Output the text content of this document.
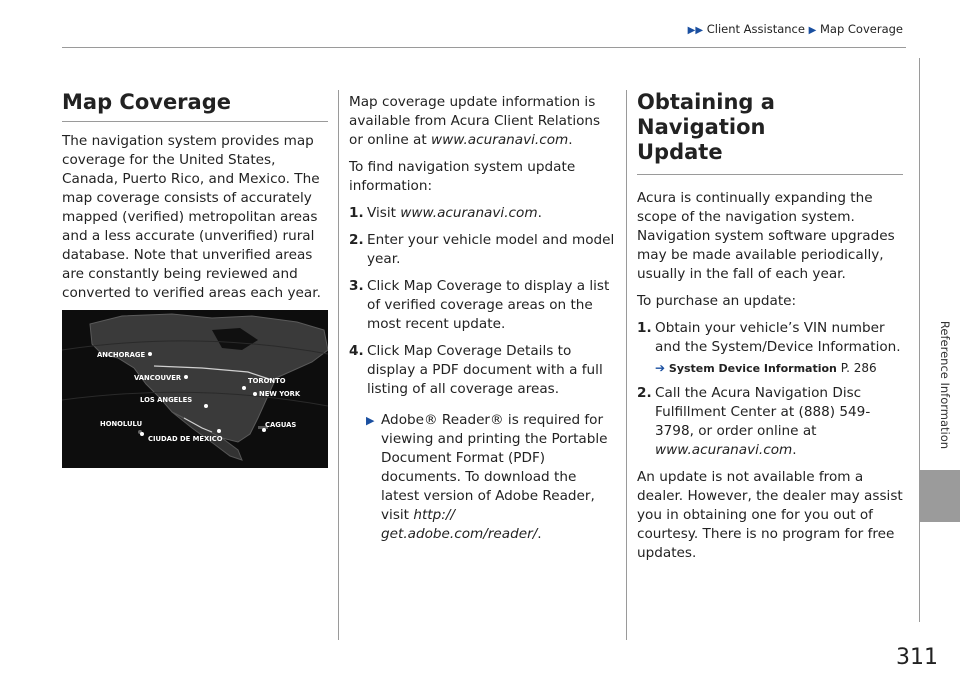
▶▶ Client Assistance ▶ Map Coverage
Reference Information
Map Coverage

The navigation system provides map coverage for the United States, Canada, Puerto Rico, and Mexico. The map coverage consists of accurately mapped (verified) metropolitan areas and a less accurate (unverified) rural database. Note that unverified areas are constantly being reviewed and converted to verified areas each year.

ANCHORAGE
VANCOUVER	TORONTO
NEW YORK
LOS ANGELES
HONOLULU	CAGUAS
CIUDAD DE MEXICO

Map coverage update information is available from Acura Client Relations or online at www.acuranavi.com.

To find navigation system update information:

1. Visit www.acuranavi.com.
2. Enter your vehicle model and model year.
3. Click Map Coverage to display a list of verified coverage areas on the most recent update.
4. Click Map Coverage Details to display a PDF document with a full listing of all coverage areas.
▶ Adobe® Reader® is required for viewing and printing the Portable Document Format (PDF) documents. To download the latest version of Adobe Reader, visit http:// get.adobe.com/reader/.
Obtaining a Navigation
Update

Acura is continually expanding the scope of the navigation system. Navigation system software upgrades may be made available periodically, usually in the fall of each year.

To purchase an update:

1. Obtain your vehicle’s VIN number and the System/Device Information.
➔ System Device Information P. 286
2. Call the Acura Navigation Disc Fulfillment Center at (888) 549-3798, or order online at www.acuranavi.com.

An update is not available from a dealer. However, the dealer may assist you in obtaining one for you out of courtesy. There is no program for free updates.

311
